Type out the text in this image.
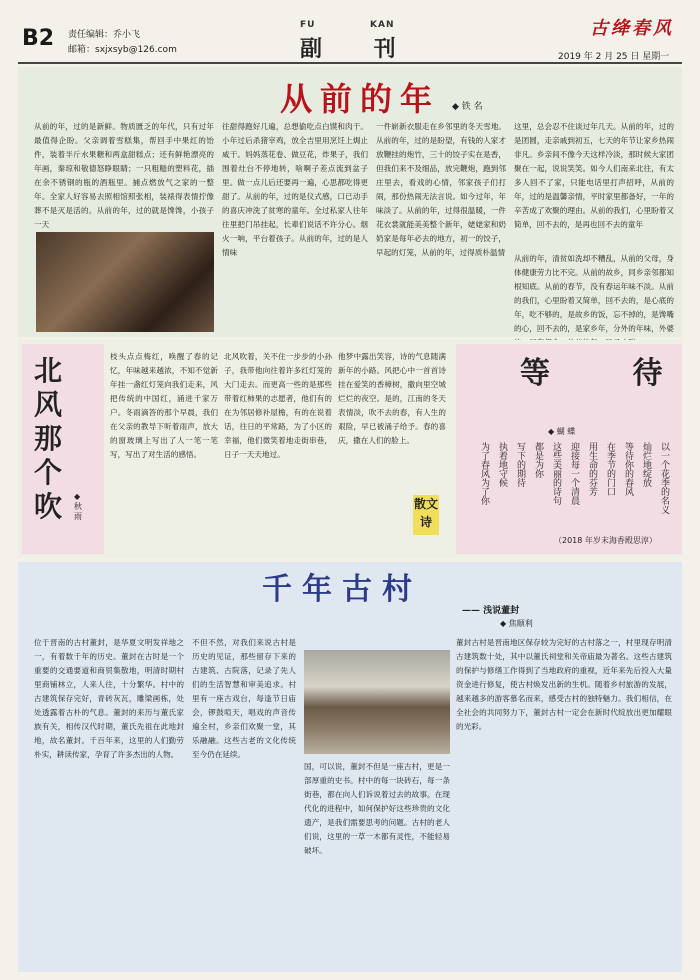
B2 责任编辑：乔小飞
邮箱：sxjxsyb@126.com
FU	KAN
副 刊
古绛春风
2019 年 2 月 25 日 星期一
从前的年 ◆ 铁 名
从前的年，过的是新鲜。物质匮乏的年代，只有过年最值得企盼。父亲调着雪糕集，帮回手中果红的饴件，装着半斤水果糖和两盒甜糕点；还有鲜艳漂亮的年画，秦琼和敬德怒睁眼睛；一只粗糙的塑料花，插在余不锈钢的瓶的酒瓶里。捕点燃放气之家的一整年。全家人好容易去照相馆照张相，装裱得表情拧像葬不是灭是活的。从前的年，过的就是馋馋，小孩子一天
往甜得跑好几遍，总想偷吃点白馍和肉干。小年过后杀猪宰鸡，放全吉里用烹饪上焗止咸干。妈妈蒸花卷、做豆花，炸果子，我们围着灶台不停地转，啥啊子差点流到盆子里。做一点儿后还要再一遍，心思都吃得更甜了。从前的年，过的是仪式感，口已动手的喜庆冲洗了贫寒的童年。全过私家人往年往里把门吊挂起，长辈们说话不许分心。烟火一响，平台着孩子。从前的年，过的是人情味
一件崭新衣服走在乡邻里的冬天雪地。从前的年，过的是盼望，有钱的人家才放鞭挂的炮竹，三十的饺子实在是香，但我们来不及细品，放完鞭炮，跑到邻庄里去，看戏的心情，邻家孩子们打闹，那份热闹无法言说。如今过年，年味淡了。从前的年，过得很温暖，一件花衣裳就能美美整个新年，姥姥家和奶奶家是每年必去的地方，初一的饺子，早起的灯笼，从前的年，过得质朴温情
这里，总会忍不住谈过年几天。从前的年，过的是团圆，走亲戚到初五，七天的年节让家乡热闹非凡。乡亲间不像今天这样冷淡，那时候大家团聚在一起，说说笑笑。如今人们南来北往，有太多人回不了家，只能电话里打声招呼，从前的年，过的是温馨亲情，平时家里都备好，一年的辛苦成了欢聚的理由。从前的我们，心里盼着又简单，回不去的，是再也回不去的童年
从前的年，清贫如洗却不糟乱，从前的父母，身体健康劳力比不完。从前的故乡，同乡亲邻都知根知底。从前的春节，没有春运年味不淡。从前的我们，心里盼着又简单，回不去的，是心底的年，吃不够的，是故乡的饭，忘不掉的，是馋嘴的心，回不去的，是家乡年，分外的年味，外婆
北风那个吹	◆ 秋雨
枝头点点梅红，唤醒了春的记忆，年味越来越浓，不知不觉新年挂一盏红灯笼向我们走来，风把传统的中国红，涌进千家万户。冬雨滴答的那个早晨，我们在父亲的教导下听着雨声，放大的窗玻璃上写出了人一笔一笔写，写出了对生活的感悟。
北风吹着，关不住一步步的小孙子，我带他向往着许多红灯笼的大门走去。而更高一些的是那些带着红柿果的志愿者，他们有的在为邻居修补屋檐，有的在说着话，往日的平常路，为了小区的幸福，他们微笑着地走街串巷，日子一天天地过。
他梦中露出笑容，诗的气息随满新年的小路。风把心中一首首诗挂在爱笑的香樟树，撒向里空城烂烂的夜空。是的，江南的冬天表情淡，吹不去的春，有人生的艰险，早已被涌子给予。春的喜庆，撒在人们的脸上。
散文诗
等 待
◆ 蝴 蝶
以一个花季的名义
灿烂地绽放
等待你的春风
在季节的门口
用生命的芬芳
迎接每一个清晨
这些美丽的诗句
都是为你
写下的期待
执着地守候
为了春风为了你
（2018 年岁末海香殿思淳）
千年古村
—— 浅说董封
◆ 焦顺利
位于晋南的古村董封，是华夏文明发祥地之一，有着数千年的历史。董封在古时是一个重要的交通要道和商贸集散地，明清时期村里商铺林立，人来人往，十分繁华。村中的古建筑保存完好，青砖灰瓦，雕梁画栋，处处透露着古朴的气息。董封的来历与董氏家族有关，相传汉代时期，董氏先祖在此地封地，故名董封。千百年来，这里的人们勤劳朴实，耕读传家，孕育了许多杰出的人物。
不但不然，对我们来说古村是历史的见证，那些留存下来的古建筑、古院落，记录了先人们的生活智慧和审美追求。村里有一座古戏台，每逢节日庙会，锣鼓喧天，唱戏的声音传遍全村，乡亲们欢聚一堂，其乐融融。这些古老的文化传统至今仍在延续。
国，可以说，董封不但是一座古村，更是一部厚重的史书。村中的每一块砖石，每一条街巷，都在向人们诉说着过去的故事。在现代化的进程中，如何保护好这些珍贵的文化遗产，是我们需要思考的问题。古村的老人们说，这里的一草一木都有灵性，不能轻易破坏。
董封古村是晋南地区保存较为完好的古村落之一，村里现存明清古建筑数十处，其中以董氏祠堂和关帝庙最为著名。这些古建筑的保护与修缮工作得到了当地政府的重视，近年来先后投入大量资金进行修复，使古村焕发出新的生机。随着乡村旅游的发展，越来越多的游客慕名而来，感受古村的独特魅力。我们相信，在全社会的共同努力下，董封古村一定会在新时代绽放出更加耀眼的光彩。
